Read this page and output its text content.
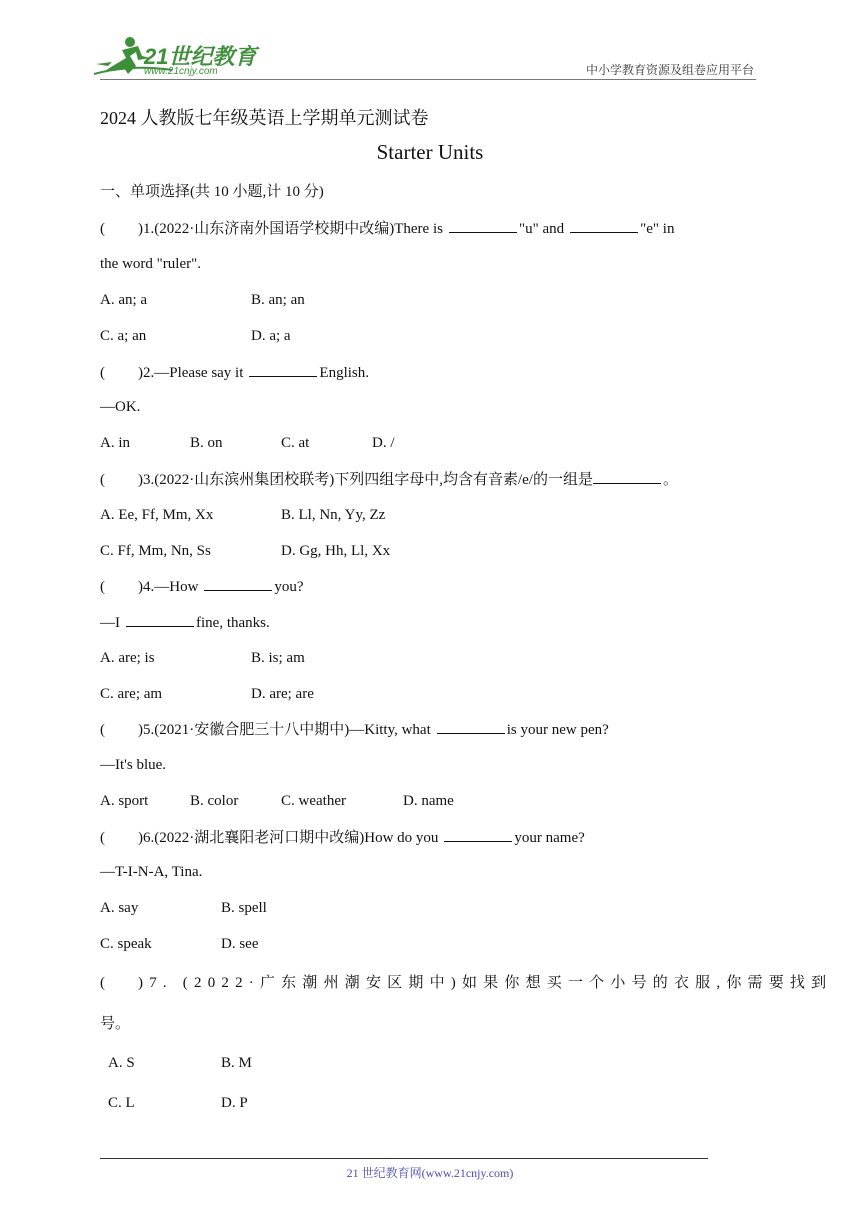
21世纪教育
www.21cnjy.com	中小学教育资源及组卷应用平台
2024 人教版七年级英语上学期单元测试卷
Starter Units
一、单项选择(共 10 小题,计 10 分)
( )1.(2022·山东济南外国语学校期中改编)There is	"u" and	"e" in
the word "ruler".
A. an; a	B. an; an
C. a; an	D. a; a
( )2.—Please say it	English.
—OK.
A. in	B. on	C. at	D. /
( )3.(2022·山东滨州集团校联考)下列四组字母中,均含有音素/e/的一组是	。
A. Ee, Ff, Mm, Xx	B. Ll, Nn, Yy, Zz
C. Ff, Mm, Nn, Ss	D. Gg, Hh, Ll, Xx
( )4.—How	you?
—I	fine, thanks.
A. are; is	B. is; am
C. are; am	D. are; are
( )5.(2021·安徽合肥三十八中期中)—Kitty, what	is your new pen?
—It's blue.
A. sport	B. color	C. weather	D. name
( )6.(2022·湖北襄阳老河口期中改编)How do you	your name?
—T-I-N-A, Tina.
A. say	B. spell
C. speak	D. see
( )7. (2022·广东潮州潮安区期中)如果你想买一个小号的衣服,你需要找到
号。
A. S	B. M
C. L	D. P
21 世纪教育网(www.21cnjy.com)
